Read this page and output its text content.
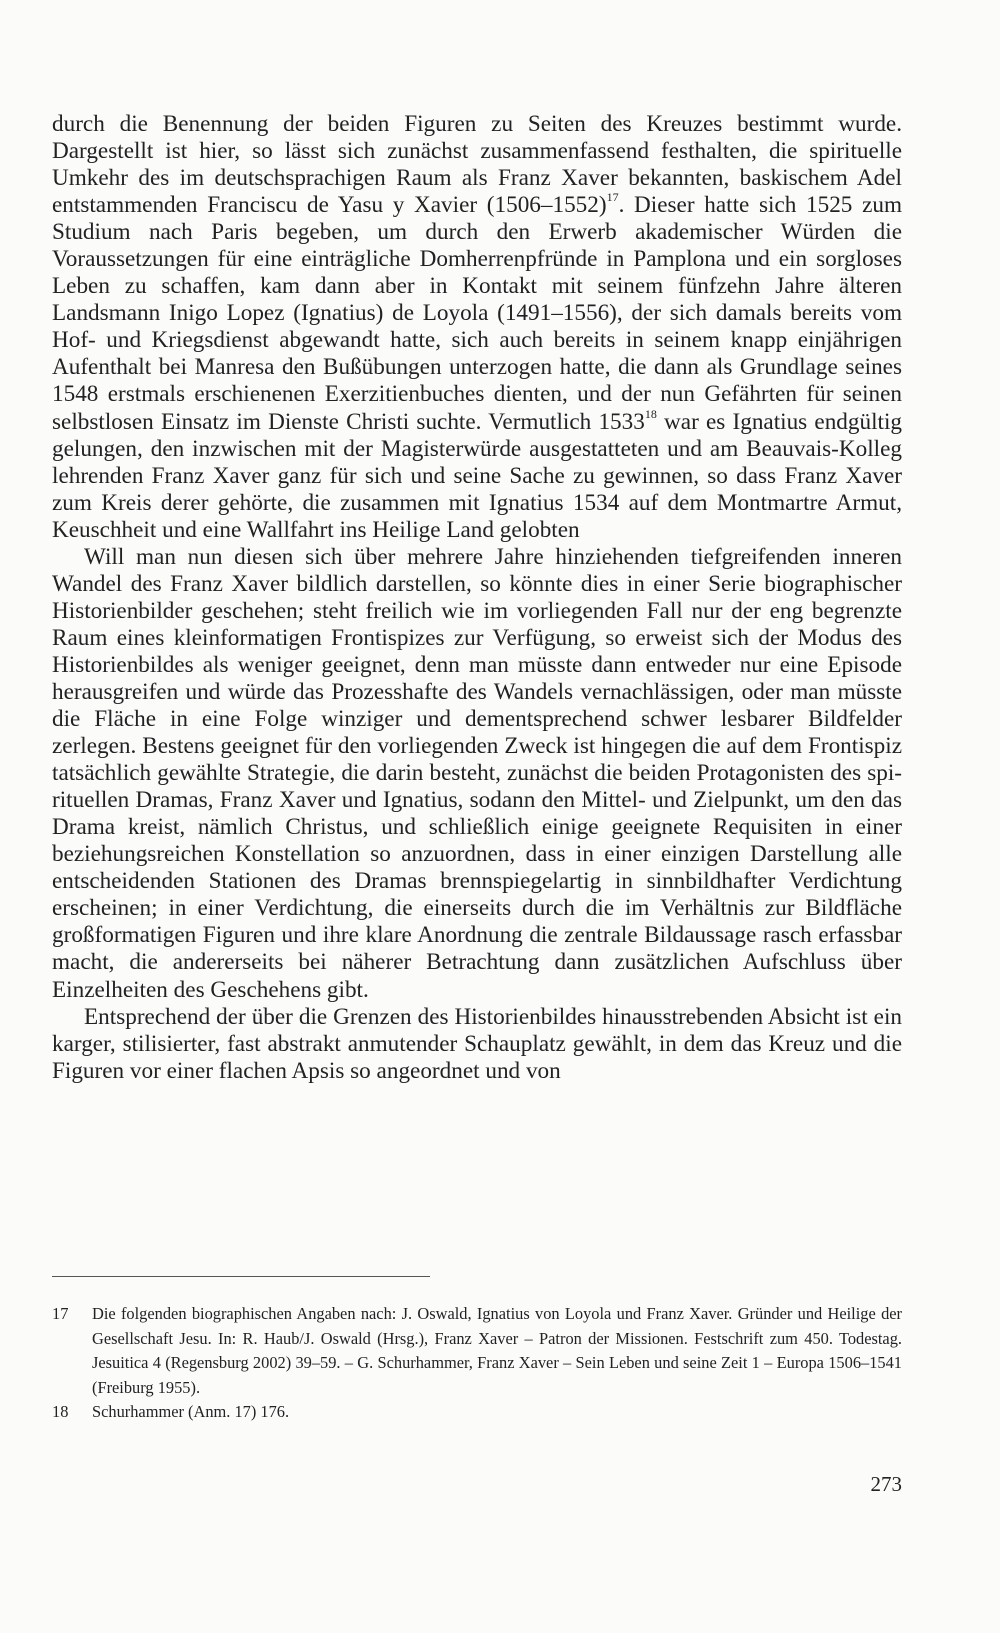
durch die Benennung der beiden Figuren zu Seiten des Kreuzes bestimmt wurde. Dargestellt ist hier, so lässt sich zunächst zusammenfassend festhalten, die spirituelle Umkehr des im deutschsprachigen Raum als Franz Xaver bekannten, baskischem Adel entstammenden Franciscu de Yasu y Xavier (1506–1552)$^{17}$. Dieser hatte sich 1525 zum Studium nach Paris begeben, um durch den Erwerb akademischer Würden die Voraussetzungen für eine einträgliche Domherrenpfründe in Pamplona und ein sorgloses Leben zu schaffen, kam dann aber in Kontakt mit seinem fünfzehn Jahre älteren Landsmann Inigo Lopez (Ignatius) de Loyola (1491–1556), der sich damals bereits vom Hof- und Kriegsdienst abgewandt hatte, sich auch bereits in seinem knapp einjährigen Aufenthalt bei Manresa den Bußübungen unterzogen hatte, die dann als Grundlage seines 1548 erstmals erschienenen Exerzitienbuches dienten, und der nun Gefährten für seinen selbstlosen Einsatz im Dienste Christi suchte. Vermutlich 1533$^{18}$ war es Ignatius endgültig gelungen, den inzwischen mit der Magisterwürde ausgestatteten und am Beauvais-Kolleg lehrenden Franz Xaver ganz für sich und seine Sache zu gewinnen, so dass Franz Xaver zum Kreis derer gehörte, die zusammen mit Ignatius 1534 auf dem Montmartre Armut, Keuschheit und eine Wallfahrt ins Heilige Land gelobten

Will man nun diesen sich über mehrere Jahre hinziehenden tiefgreifenden inneren Wandel des Franz Xaver bildlich darstellen, so könnte dies in einer Serie biographischer Historienbilder geschehen; steht freilich wie im vorliegenden Fall nur der eng begrenzte Raum eines kleinformatigen Frontispizes zur Verfügung, so erweist sich der Modus des Historienbildes als weniger geeignet, denn man müsste dann entweder nur eine Episode herausgreifen und würde das Prozesshafte des Wandels vernachlässigen, oder man müsste die Fläche in eine Folge winziger und dementsprechend schwer lesbarer Bildfelder zerlegen. Bestens geeignet für den vorliegenden Zweck ist hingegen die auf dem Frontispiz tatsächlich gewählte Strategie, die darin besteht, zunächst die beiden Protagonisten des spirituellen Dramas, Franz Xaver und Ignatius, sodann den Mittel- und Zielpunkt, um den das Drama kreist, nämlich Christus, und schließlich einige geeignete Requisiten in einer beziehungsreichen Konstellation so anzuordnen, dass in einer einzigen Darstellung alle entscheidenden Stationen des Dramas brennspiegelartig in sinnbildhafter Verdichtung erscheinen; in einer Verdichtung, die einerseits durch die im Verhältnis zur Bildfläche großformatigen Figuren und ihre klare Anordnung die zentrale Bildaussage rasch erfassbar macht, die andererseits bei näherer Betrachtung dann zusätzlichen Aufschluss über Einzelheiten des Geschehens gibt.

Entsprechend der über die Grenzen des Historienbildes hinausstrebenden Absicht ist ein karger, stilisierter, fast abstrakt anmutender Schauplatz gewählt, in dem das Kreuz und die Figuren vor einer flachen Apsis so angeordnet und von

17	Die folgenden biographischen Angaben nach: J. Oswald, Ignatius von Loyola und Franz Xaver. Gründer und Heilige der Gesellschaft Jesu. In: R. Haub/J. Oswald (Hrsg.), Franz Xaver – Patron der Missionen. Festschrift zum 450. Todestag. Jesuitica 4 (Regensburg 2002) 39–59. – G. Schurhammer, Franz Xaver – Sein Leben und seine Zeit 1 – Europa 1506–1541 (Freiburg 1955).
18	Schurhammer (Anm. 17) 176.
273
